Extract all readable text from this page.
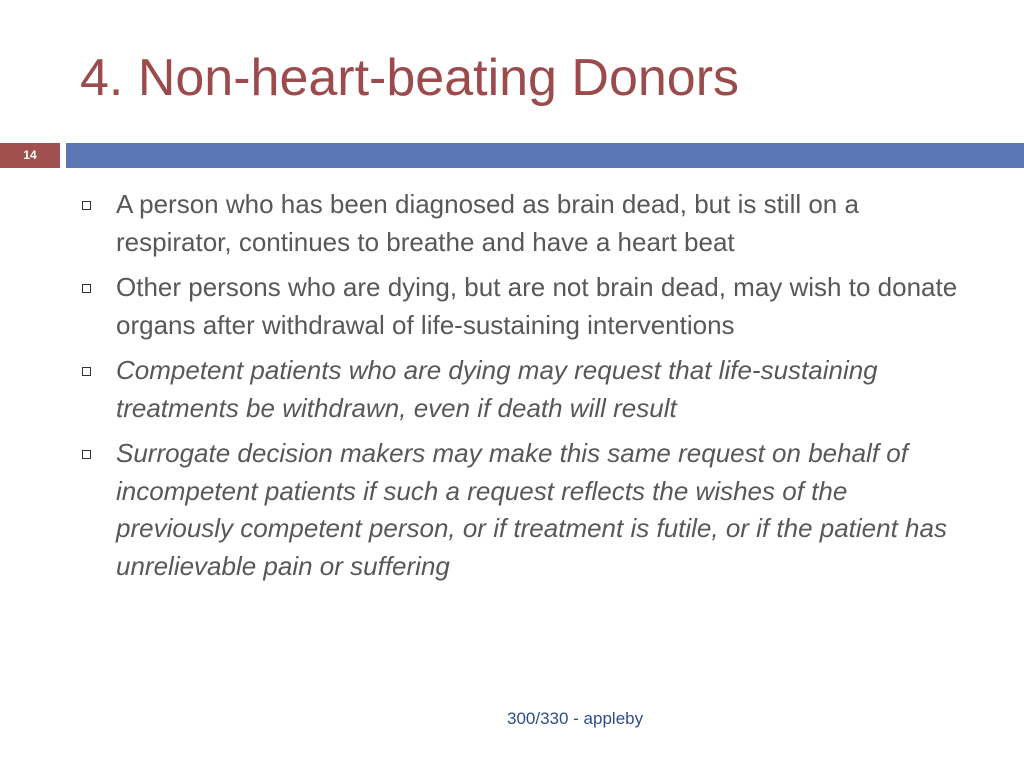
4. Non-heart-beating Donors
14
A person who has been diagnosed as brain dead, but is still on a respirator, continues to breathe and have a heart beat
Other persons who are dying, but are not brain dead, may wish to donate organs after withdrawal of life-sustaining interventions
Competent patients who are dying may request that life-sustaining treatments be withdrawn, even if death will result
Surrogate decision makers may make this same request on behalf of incompetent patients if such a request reflects the wishes of the previously competent person, or if treatment is futile, or if the patient has unrelievable pain or suffering
300/330 - appleby
